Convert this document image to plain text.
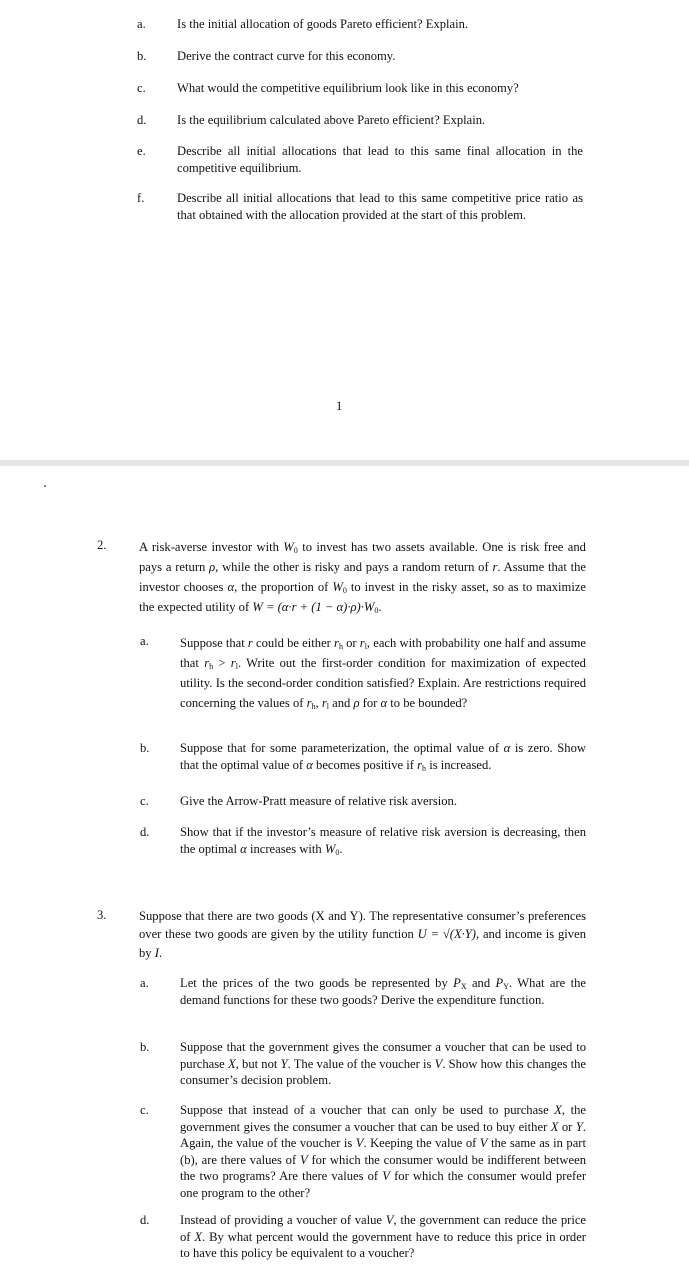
a.	Is the initial allocation of goods Pareto efficient? Explain.
b.	Derive the contract curve for this economy.
c.	What would the competitive equilibrium look like in this economy?
d.	Is the equilibrium calculated above Pareto efficient? Explain.
e.	Describe all initial allocations that lead to this same final allocation in the competitive equilibrium.
f.	Describe all initial allocations that lead to this same competitive price ratio as that obtained with the allocation provided at the start of this problem.
1
2.	A risk-averse investor with $W_0$ to invest has two assets available. One is risk free and pays a return ρ, while the other is risky and pays a random return of r. Assume that the investor chooses α, the proportion of $W_0$ to invest in the risky asset, so as to maximize the expected utility of $W = (\alpha\cdot r + (1 - \alpha)\cdot\rho)\cdot W_0$.
a.	Suppose that r could be either $r_h$ or $r_l$, each with probability one half and assume that $r_h > r_l$. Write out the first-order condition for maximization of expected utility. Is the second-order condition satisfied? Explain. Are restrictions required concerning the values of $r_h$, $r_l$ and ρ for α to be bounded?
b.	Suppose that for some parameterization, the optimal value of α is zero. Show that the optimal value of α becomes positive if $r_h$ is increased.
c.	Give the Arrow-Pratt measure of relative risk aversion.
d.	Show that if the investor’s measure of relative risk aversion is decreasing, then the optimal α increases with $W_0$.
3.	Suppose that there are two goods (X and Y). The representative consumer’s preferences over these two goods are given by the utility function U = √(X·Y), and income is given by I.
a.	Let the prices of the two goods be represented by $P_X$ and $P_Y$. What are the demand functions for these two goods? Derive the expenditure function.
b.	Suppose that the government gives the consumer a voucher that can be used to purchase X, but not Y. The value of the voucher is V. Show how this changes the consumer’s decision problem.
c.	Suppose that instead of a voucher that can only be used to purchase X, the government gives the consumer a voucher that can be used to buy either X or Y. Again, the value of the voucher is V. Keeping the value of V the same as in part (b), are there values of V for which the consumer would be indifferent between the two programs? Are there values of V for which the consumer would prefer one program to the other?
d.	Instead of providing a voucher of value V, the government can reduce the price of X. By what percent would the government have to reduce this price in order to have this policy be equivalent to a voucher?
